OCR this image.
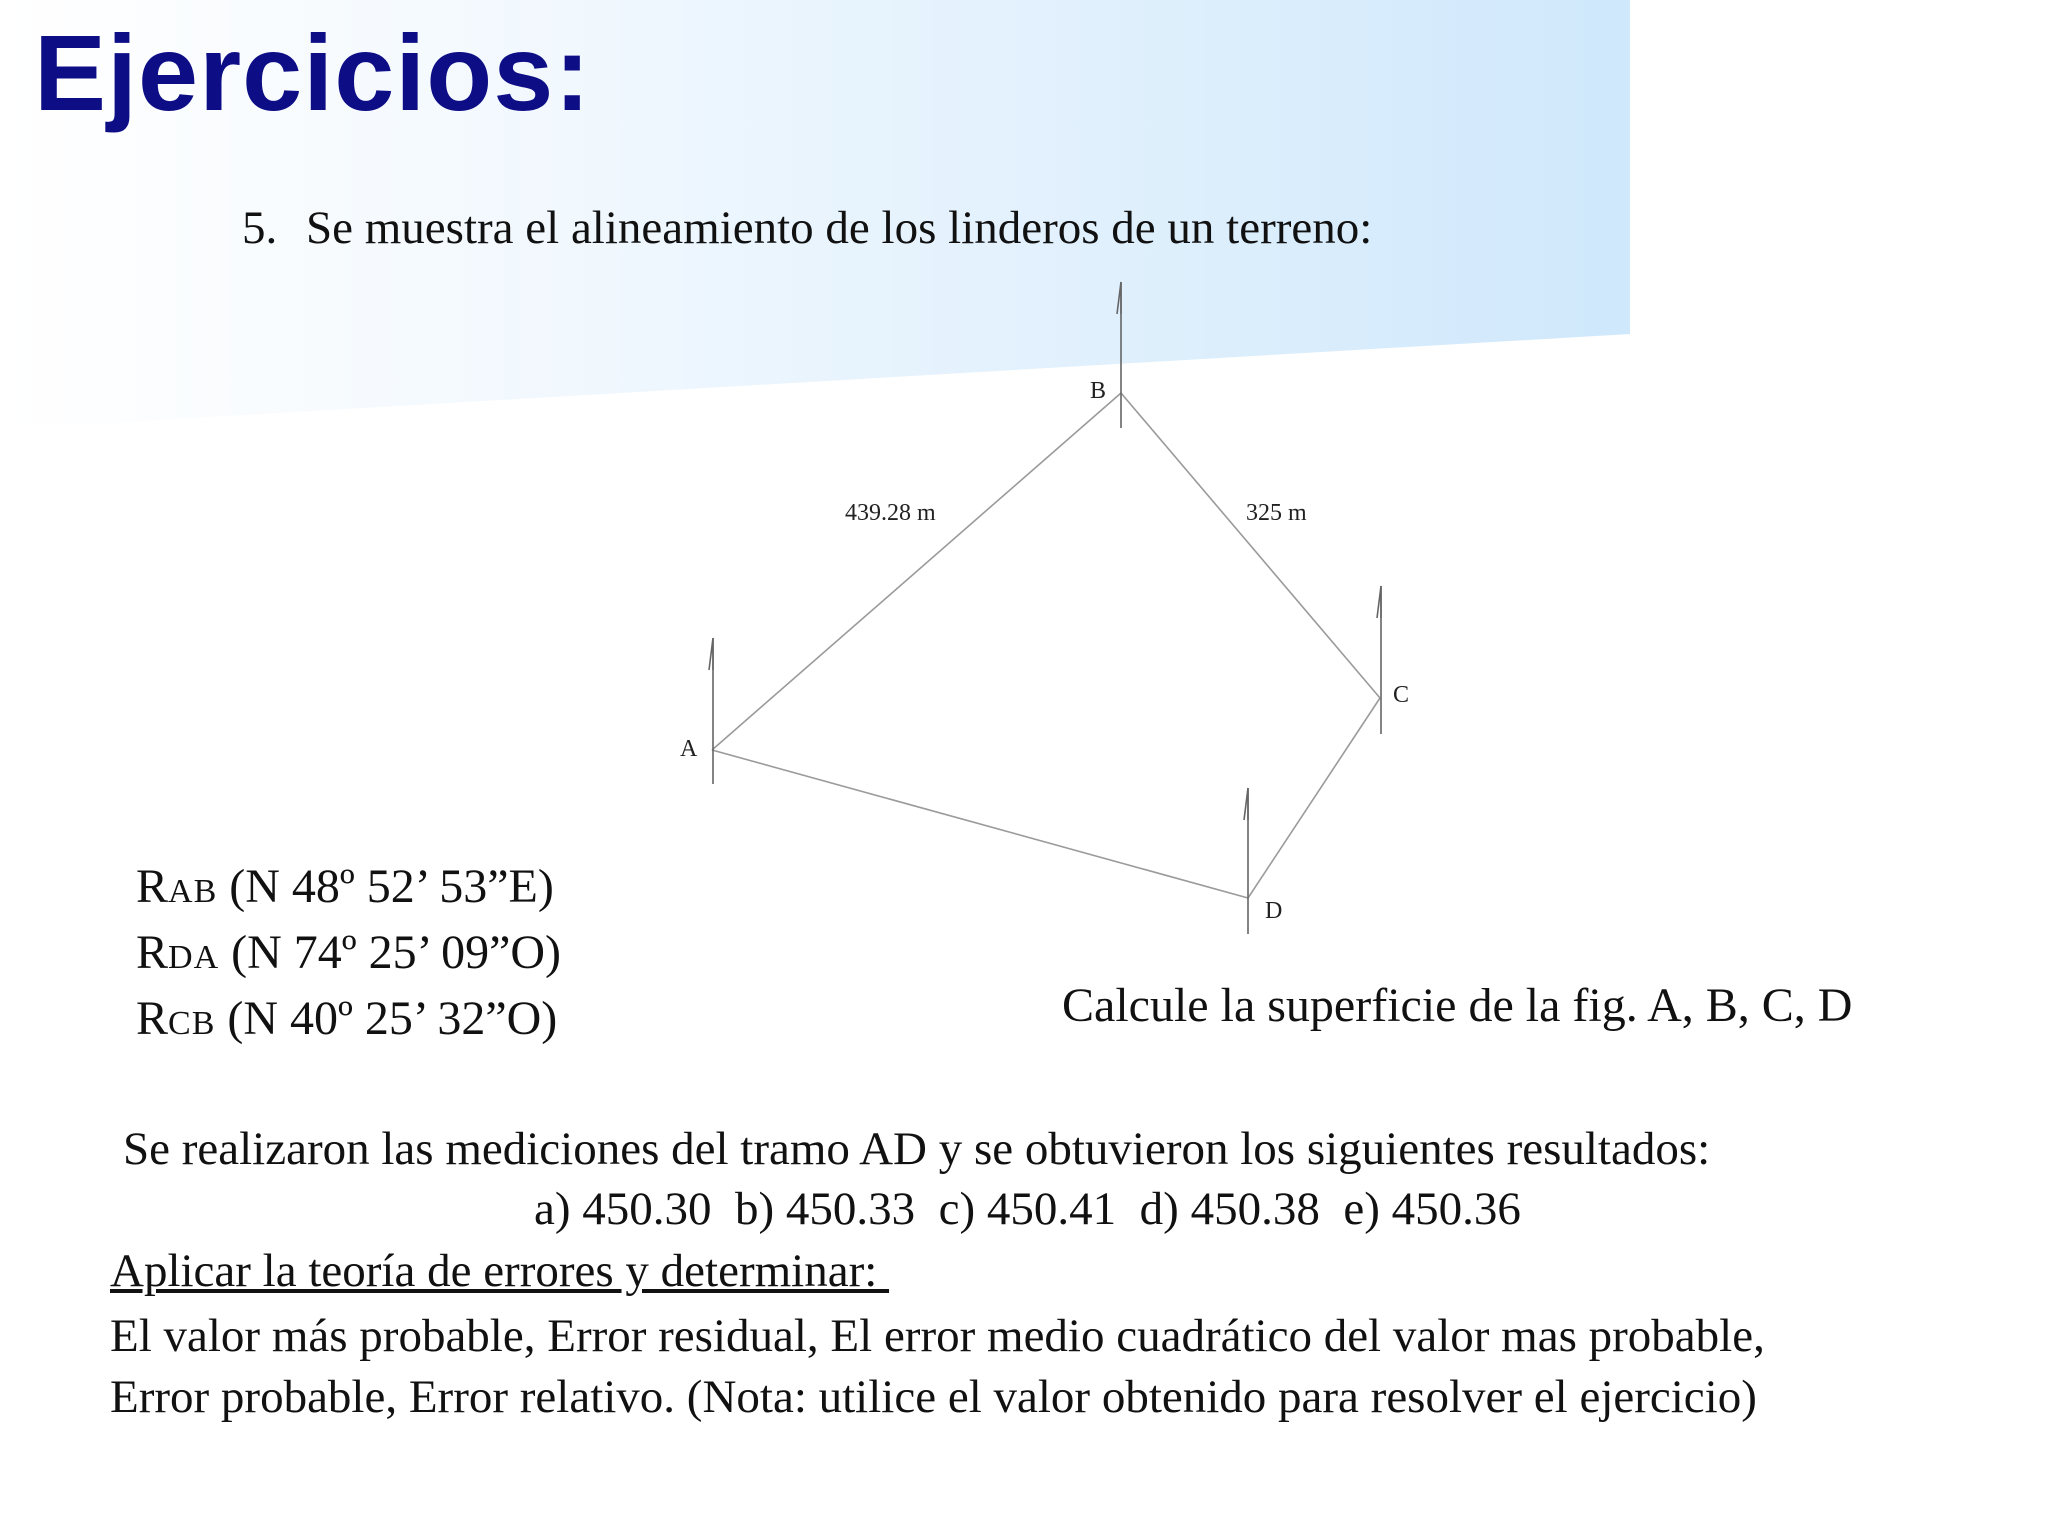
Ejercicios:
5. Se muestra el alineamiento de los linderos de un terreno:
A
B
C
D
439.28 m	325 m
RAB (N 48º 52’ 53”E)
RDA (N 74º 25’ 09”O)
RCB (N 40º 25’ 32”O)	Calcule la superficie de la fig. A, B, C, D
Se realizaron las mediciones del tramo AD y se obtuvieron los siguientes resultados:
a) 450.30  b) 450.33  c) 450.41  d) 450.38  e) 450.36
Aplicar la teoría de errores y determinar:
El valor más probable, Error residual, El error medio cuadrático del valor mas probable,
Error probable, Error relativo. (Nota: utilice el valor obtenido para resolver el ejercicio)
